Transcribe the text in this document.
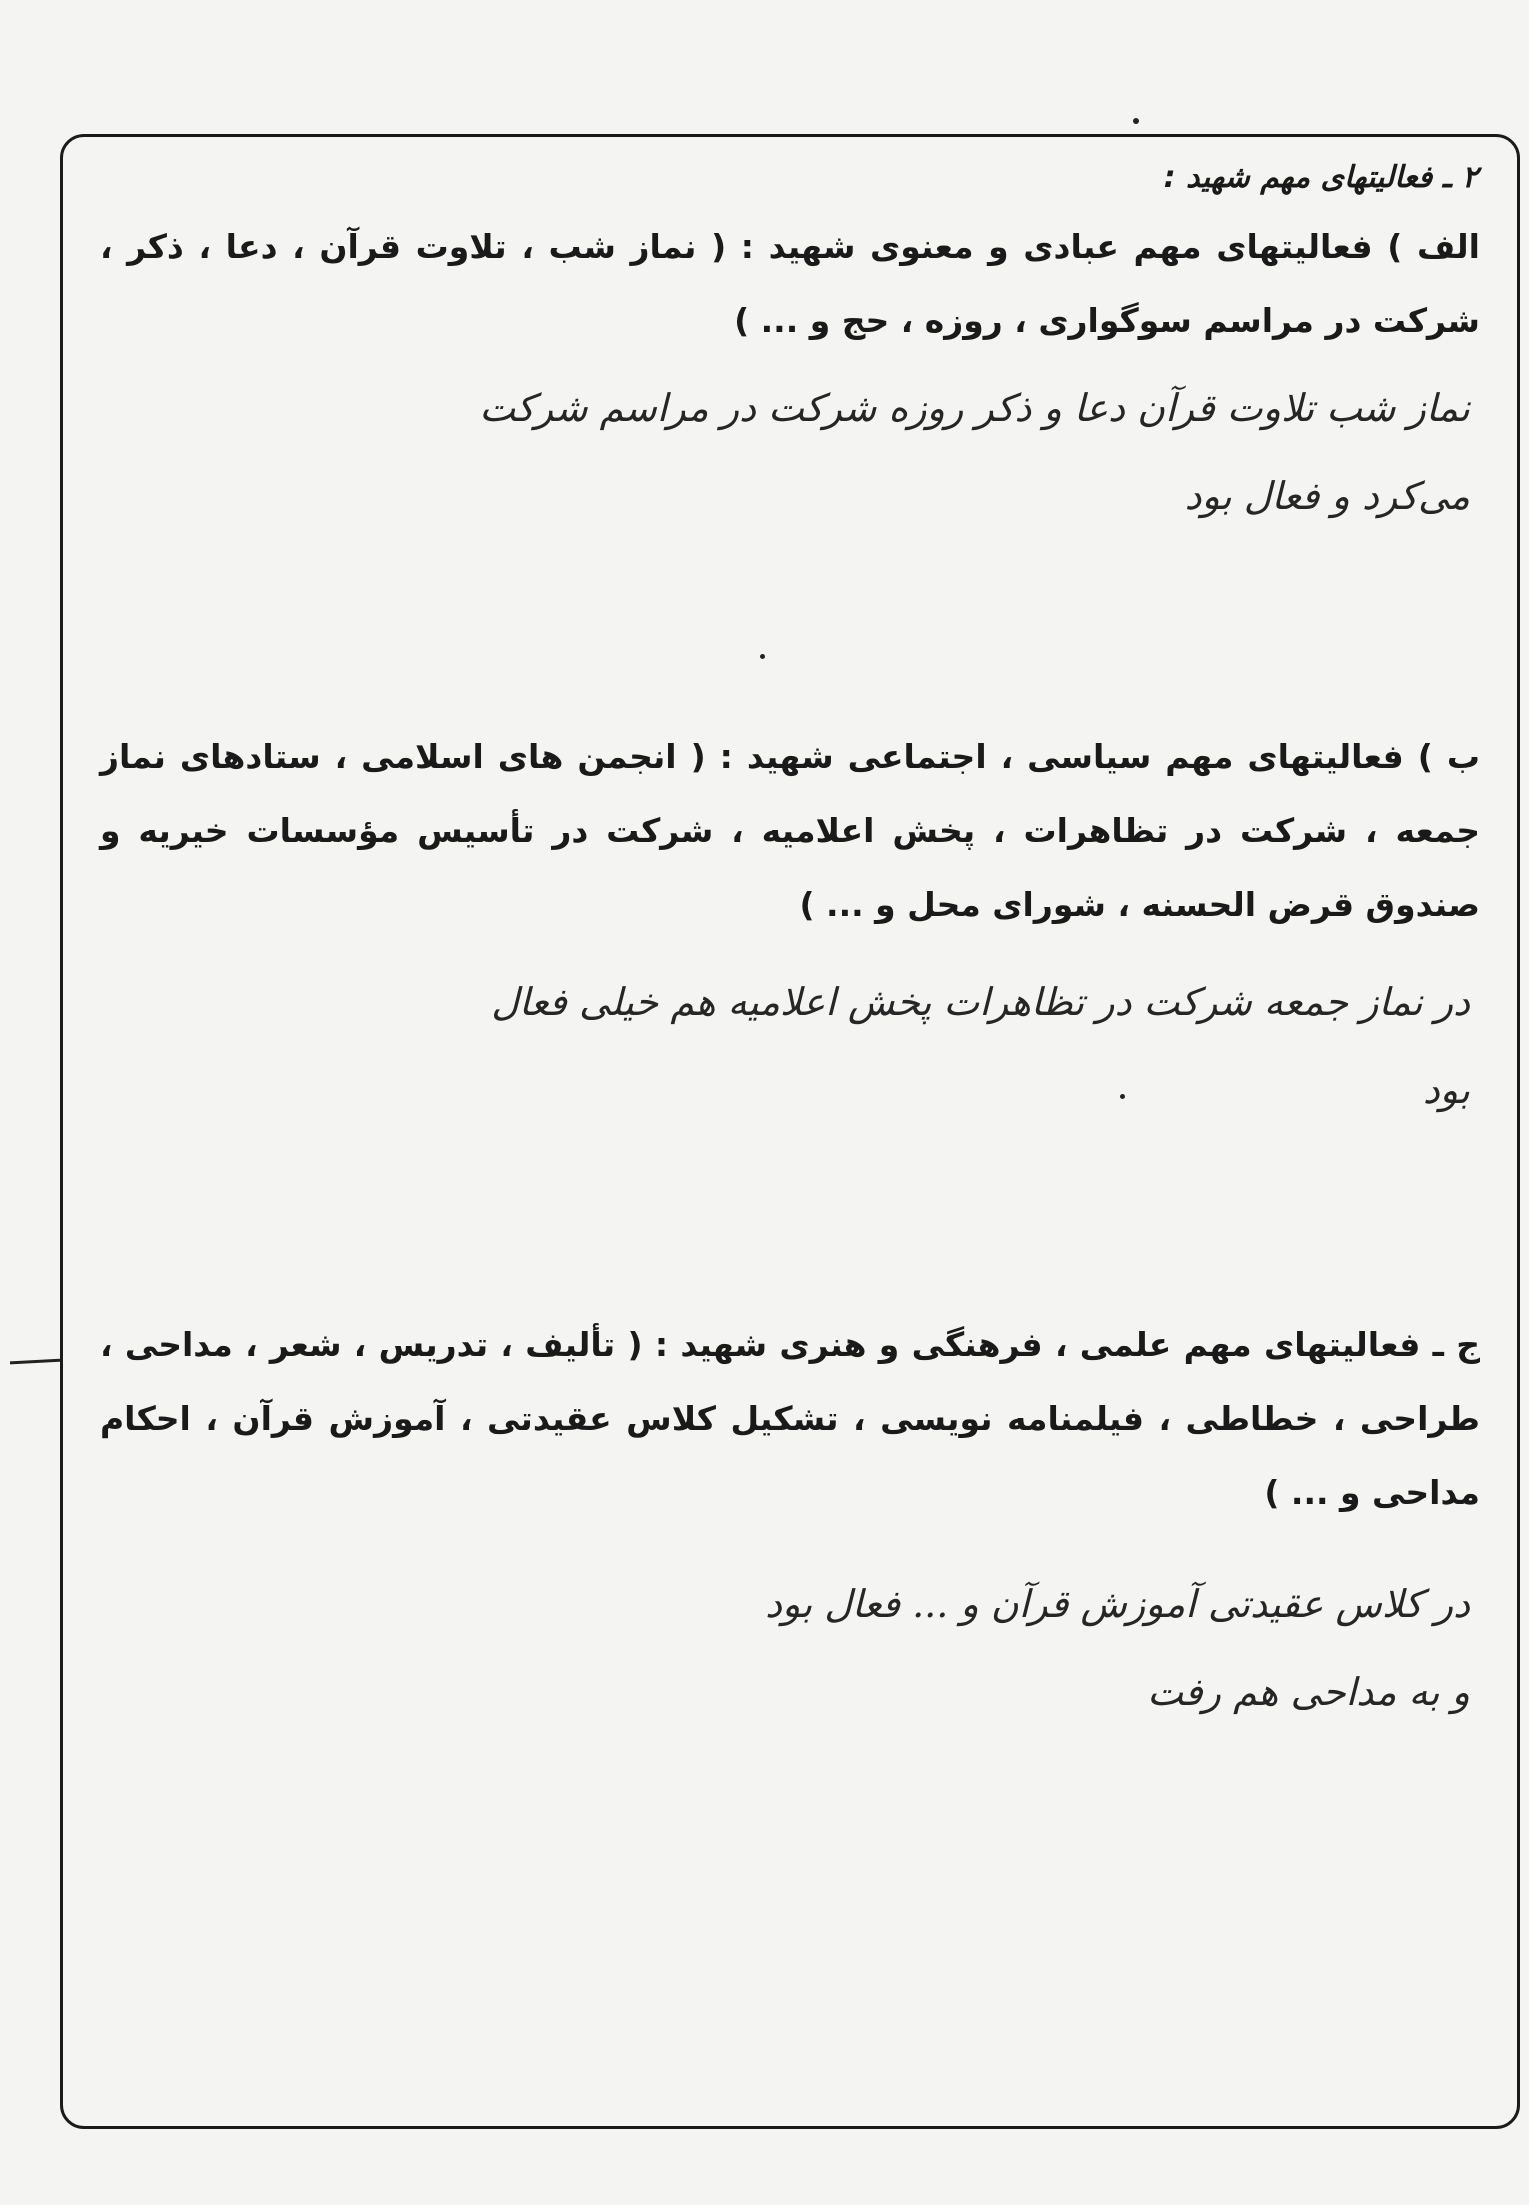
۲ ـ فعالیتهای مهم شهید :
الف ) فعالیتهای مهم عبادی و معنوی شهید : ( نماز شب ، تلاوت قرآن ، دعا ، ذکر ، شرکت در مراسم سوگواری ، روزه ، حج و ... )
نماز شب تلاوت قرآن دعا و ذکر روزه شرکت در مراسم شرکت
می‌کرد و فعال بود
ب ) فعالیتهای مهم سیاسی ، اجتماعی شهید : ( انجمن های اسلامی ، ستادهای نماز جمعه ، شرکت در تظاهرات ، پخش اعلامیه ، شرکت در تأسیس مؤسسات خیریه و صندوق قرض الحسنه ، شورای محل و ... )
در نماز جمعه شرکت در تظاهرات پخش اعلامیه هم خیلی فعال
بود
ج ـ فعالیتهای مهم علمی ، فرهنگی و هنری شهید : ( تألیف ، تدریس ، شعر ، مداحی ، طراحی ، خطاطی ، فیلمنامه نویسی ، تشکیل کلاس عقیدتی ، آموزش قرآن ، احکام مداحی و ... )
در کلاس عقیدتی آموزش قرآن و ... فعال بود
و به مداحی هم رفت
